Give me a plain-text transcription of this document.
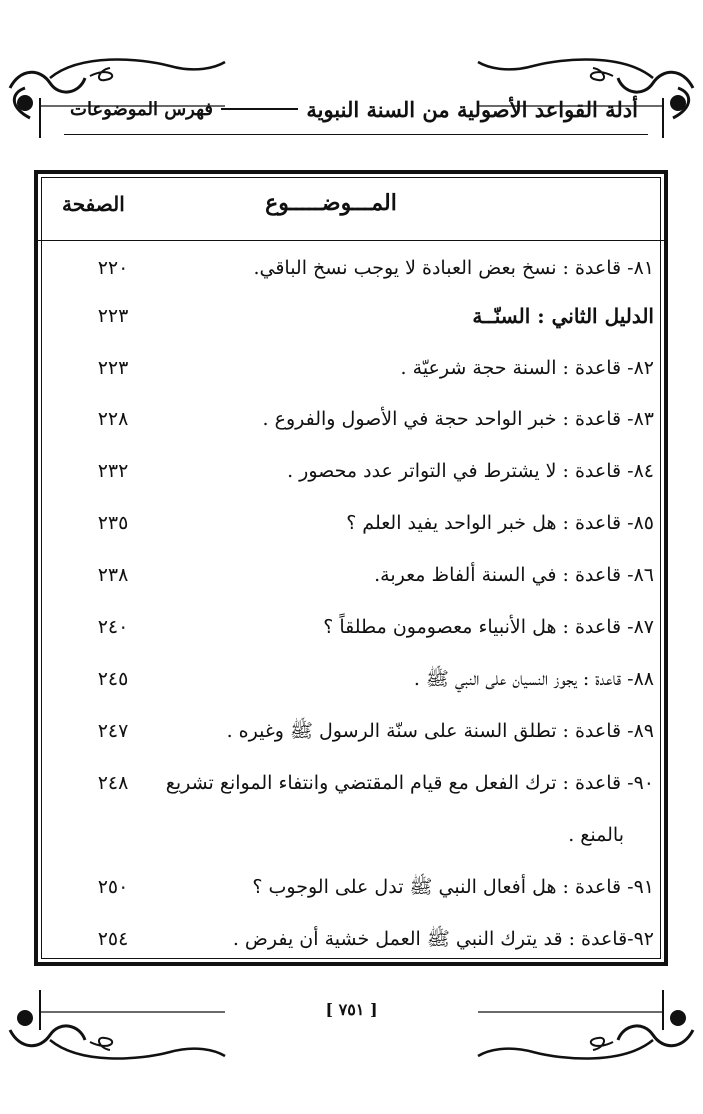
أدلة القواعد الأصولية من السنة النبوية
فهرس الموضوعات
المـــوضـــــوع
الصفحة
٨١- قاعدة : نسخ بعض العبادة لا يوجب نسخ الباقي.
٢٢٠
الدليل الثاني : السنّــة
٢٢٣
٨٢- قاعدة : السنة حجة شرعيّة .
٢٢٣
٨٣- قاعدة : خبر الواحد حجة في الأصول والفروع .
٢٢٨
٨٤- قاعدة : لا يشترط في التواتر عدد محصور .
٢٣٢
٨٥- قاعدة : هل خبر الواحد يفيد العلم ؟
٢٣٥
٨٦- قاعدة : في السنة ألفاظ معربة.
٢٣٨
٨٧- قاعدة : هل الأنبياء معصومون مطلقاً ؟
٢٤٠
٨٨- قاعدة : يجوز النسيان على النبي ﷺ .
٢٤٥
٨٩- قاعدة : تطلق السنة على سنّة الرسول ﷺ وغيره .
٢٤٧
٩٠- قاعدة : ترك الفعل مع قيام المقتضي وانتفاء الموانع تشريع
٢٤٨
بالمنع .
٩١- قاعدة : هل أفعال النبي ﷺ تدل على الوجوب ؟
٢٥٠
٩٢-قاعدة : قد يترك النبي ﷺ العمل خشية أن يفرض .
٢٥٤
[ ٧٥١ ]
